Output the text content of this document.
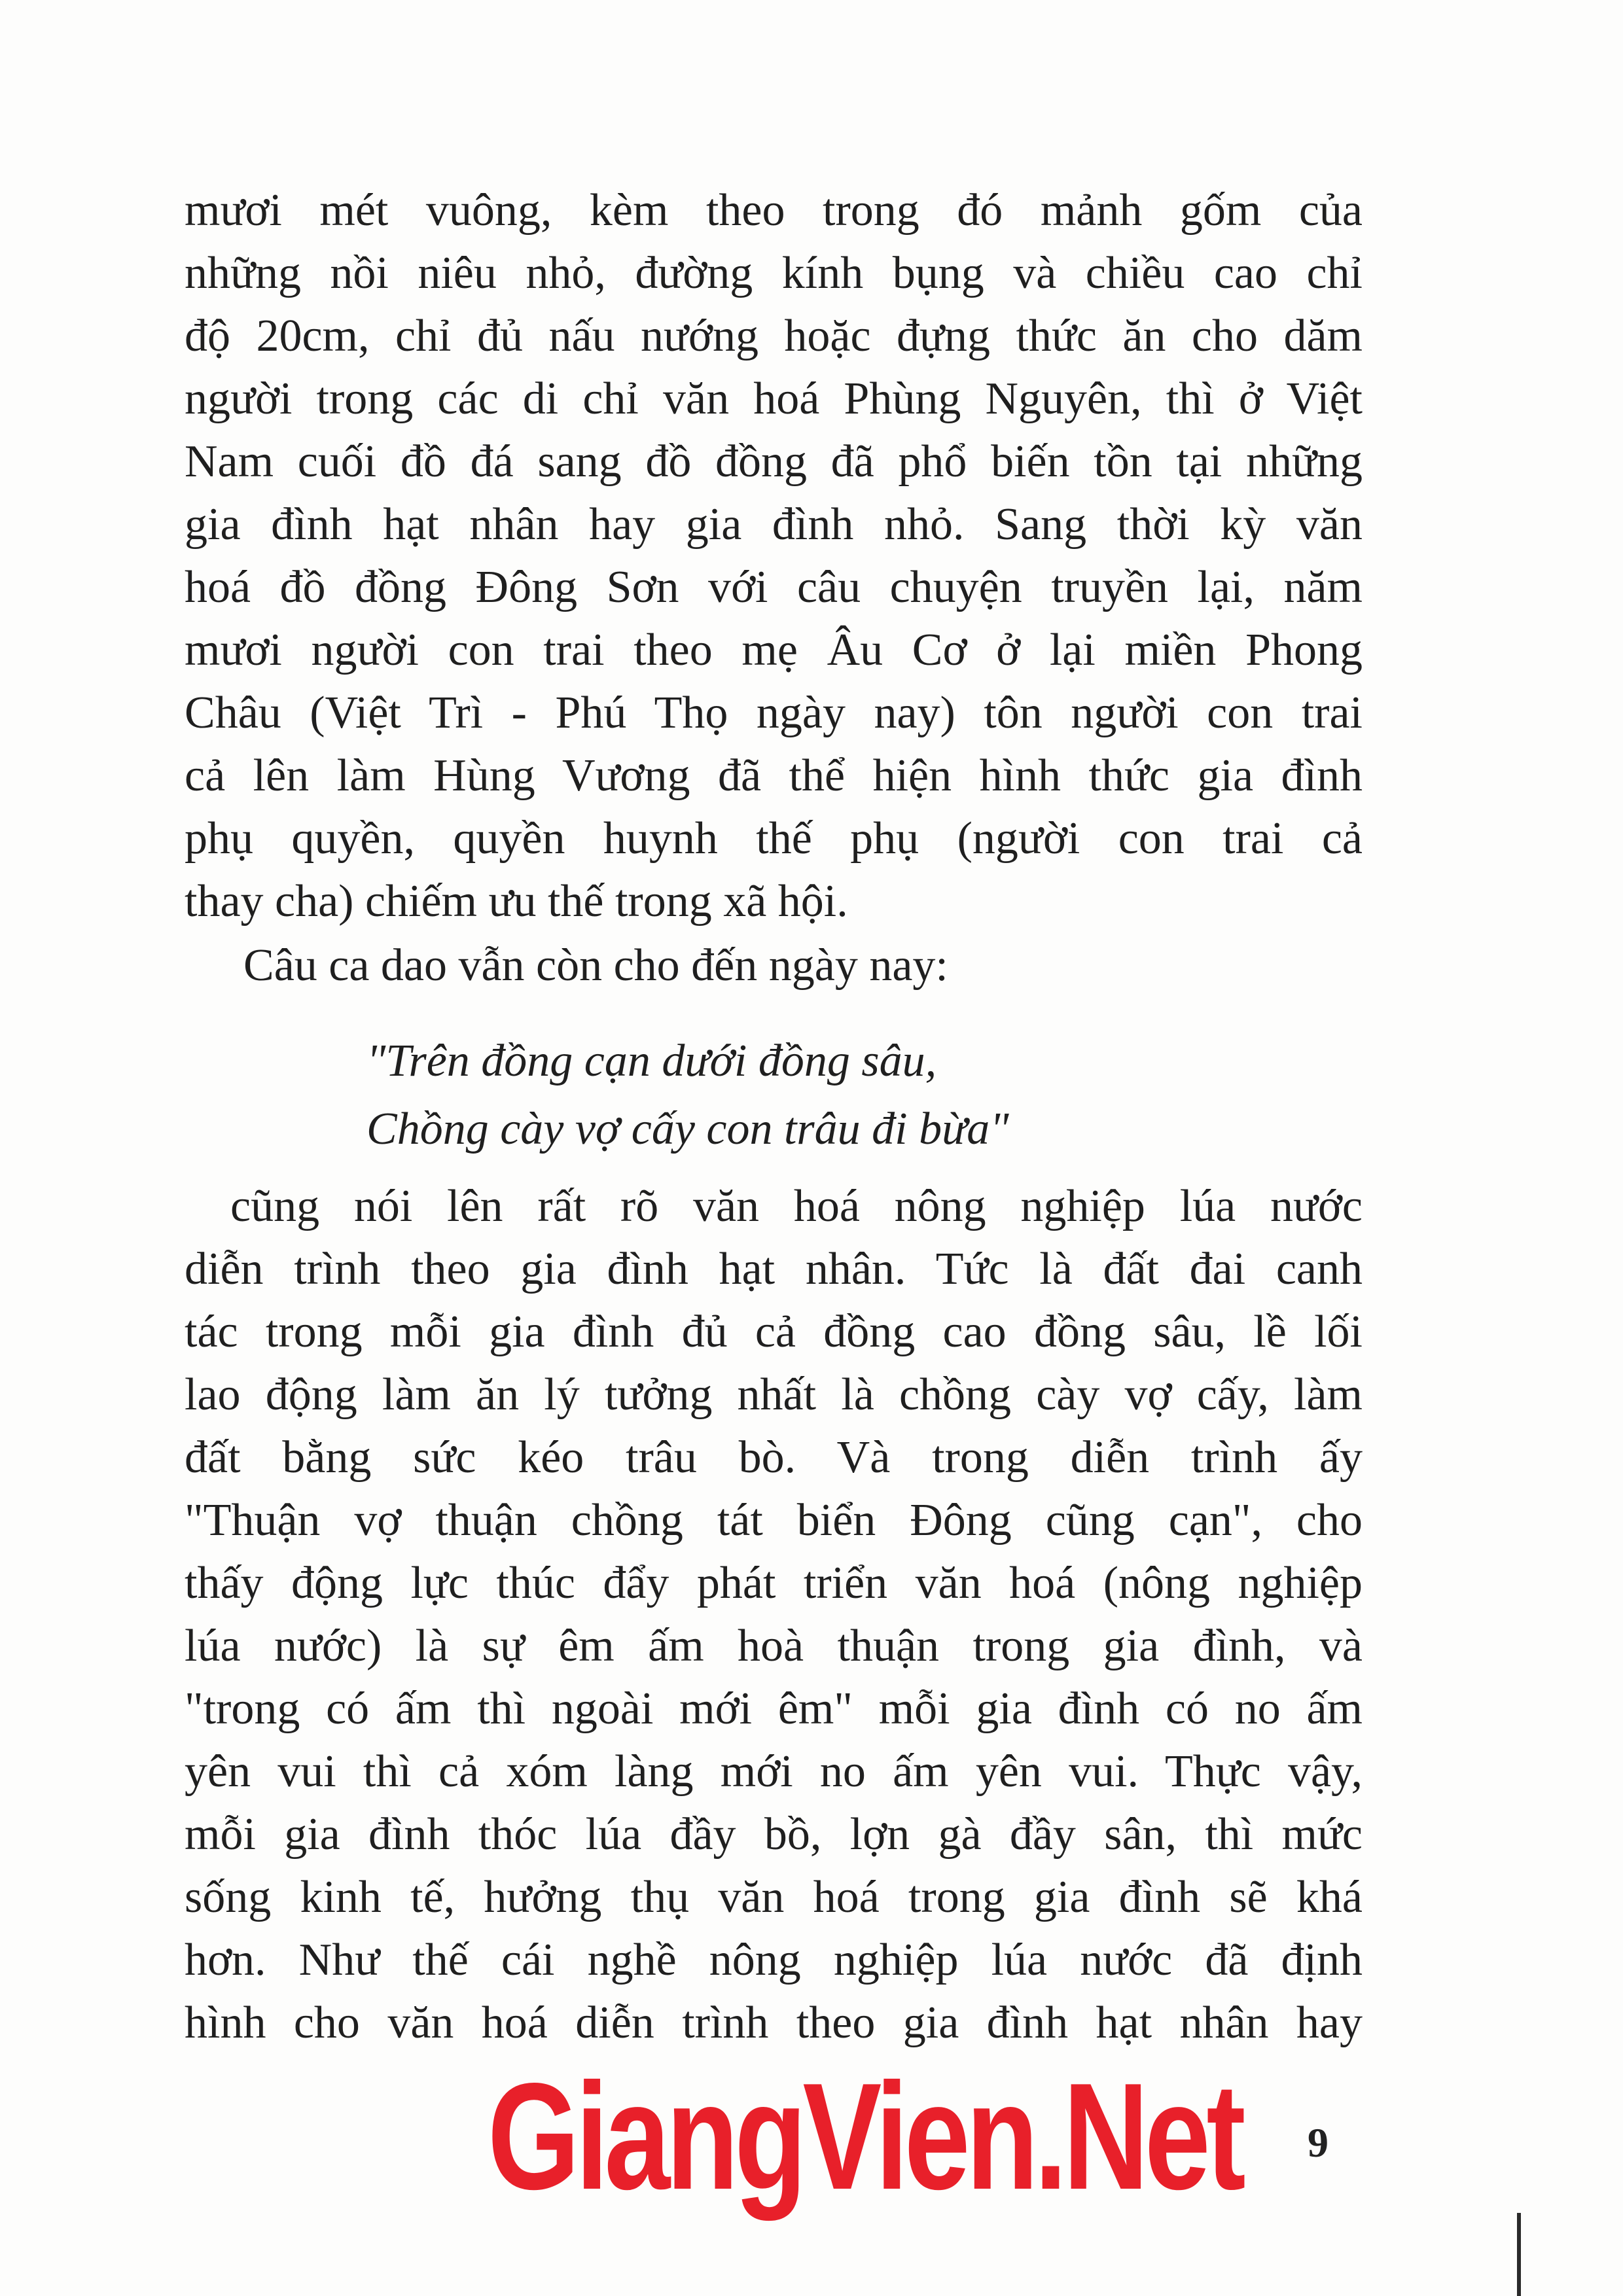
mươi mét vuông, kèm theo trong đó mảnh gốm của
những nồi niêu nhỏ, đường kính bụng và chiều cao chỉ
độ 20cm, chỉ đủ nấu nướng hoặc đựng thức ăn cho dăm
người trong các di chỉ văn hoá Phùng Nguyên, thì ở Việt
Nam cuối đồ đá sang đồ đồng đã phổ biến tồn tại những
gia đình hạt nhân hay gia đình nhỏ. Sang thời kỳ văn
hoá đồ đồng Đông Sơn với câu chuyện truyền lại, năm
mươi người con trai theo mẹ Âu Cơ ở lại miền Phong
Châu (Việt Trì - Phú Thọ ngày nay) tôn người con trai
cả lên làm Hùng Vương đã thể hiện hình thức gia đình
phụ quyền, quyền huynh thế phụ (người con trai cả
thay cha) chiếm ưu thế trong xã hội.
Câu ca dao vẫn còn cho đến ngày nay:
"Trên đồng cạn dưới đồng sâu,
Chồng cày vợ cấy con trâu đi bừa"
cũng nói lên rất rõ văn hoá nông nghiệp lúa nước
diễn trình theo gia đình hạt nhân. Tức là đất đai canh
tác trong mỗi gia đình đủ cả đồng cao đồng sâu, lề lối
lao động làm ăn lý tưởng nhất là chồng cày vợ cấy, làm
đất bằng sức kéo trâu bò. Và trong diễn trình ấy
"Thuận vợ thuận chồng tát biển Đông cũng cạn", cho
thấy động lực thúc đẩy phát triển văn hoá (nông nghiệp
lúa nước) là sự êm ấm hoà thuận trong gia đình, và
"trong có ấm thì ngoài mới êm" mỗi gia đình có no ấm
yên vui thì cả xóm làng mới no ấm yên vui. Thực vậy,
mỗi gia đình thóc lúa đầy bồ, lợn gà đầy sân, thì mức
sống kinh tế, hưởng thụ văn hoá trong gia đình sẽ khá
hơn. Như thế cái nghề nông nghiệp lúa nước đã định
hình cho văn hoá diễn trình theo gia đình hạt nhân hay
GiangVien.Net 9
